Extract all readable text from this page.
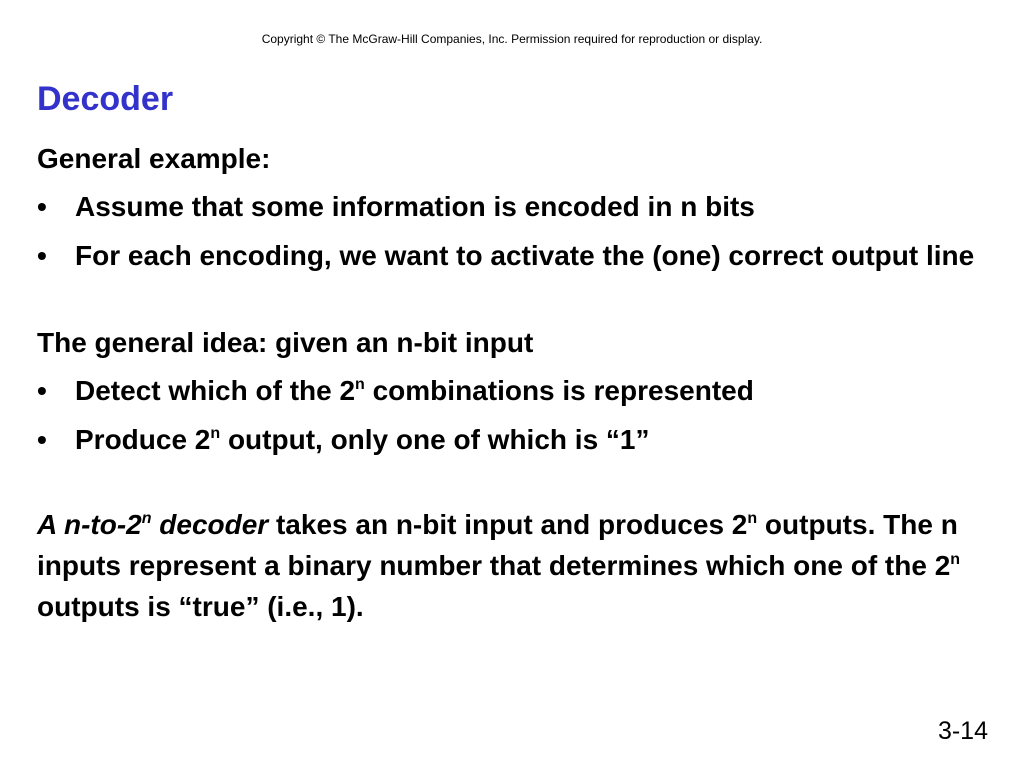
Copyright © The McGraw-Hill Companies, Inc. Permission required for reproduction or display.
Decoder
General example:
•	Assume that some information is encoded in n bits
•	For each encoding, we want to activate the (one) correct output line
The general idea: given an n-bit input
•	Detect which of the 2$^n$ combinations is represented
•	Produce 2$^n$ output, only one of which is “1”
A n-to-2$^n$ decoder takes an n-bit input and produces 2$^n$ outputs. The n inputs represent a binary number that determines which one of the 2$^n$ outputs is “true” (i.e., 1).
3-14
